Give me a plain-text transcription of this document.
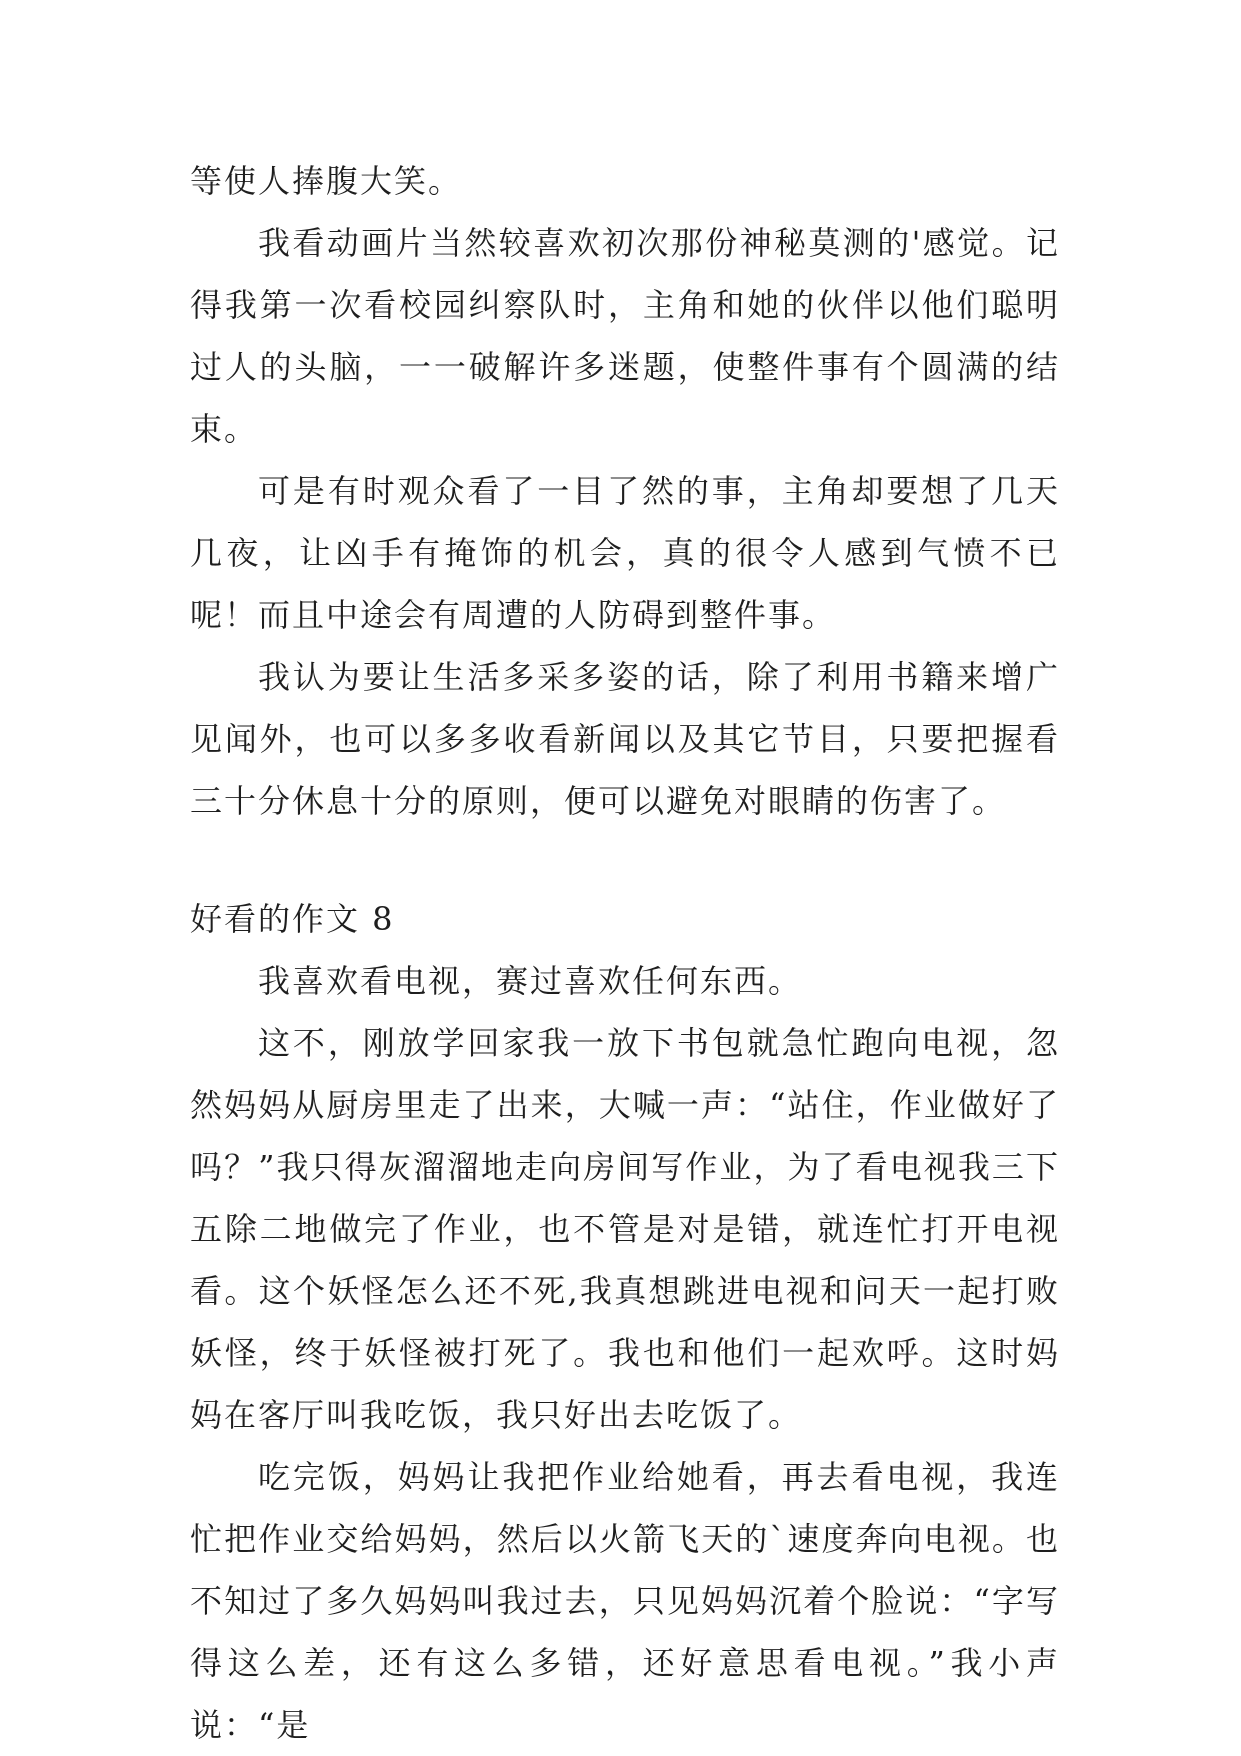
等使人捧腹大笑。

我看动画片当然较喜欢初次那份神秘莫测的'感觉。记得我第一次看校园纠察队时，主角和她的伙伴以他们聪明过人的头脑，一一破解许多迷题，使整件事有个圆满的结束。

可是有时观众看了一目了然的事，主角却要想了几天几夜，让凶手有掩饰的机会，真的很令人感到气愤不已呢！而且中途会有周遭的人防碍到整件事。

我认为要让生活多采多姿的话，除了利用书籍来增广见闻外，也可以多多收看新闻以及其它节目，只要把握看三十分休息十分的原则，便可以避免对眼睛的伤害了。

好看的作文 8

我喜欢看电视，赛过喜欢任何东西。

这不，刚放学回家我一放下书包就急忙跑向电视，忽然妈妈从厨房里走了出来，大喊一声：“站住，作业做好了吗？”我只得灰溜溜地走向房间写作业，为了看电视我三下五除二地做完了作业，也不管是对是错，就连忙打开电视看。这个妖怪怎么还不死,我真想跳进电视和问天一起打败妖怪，终于妖怪被打死了。我也和他们一起欢呼。这时妈妈在客厅叫我吃饭，我只好出去吃饭了。

吃完饭，妈妈让我把作业给她看，再去看电视，我连忙把作业交给妈妈，然后以火箭飞天的`速度奔向电视。也不知过了多久妈妈叫我过去，只见妈妈沉着个脸说：“字写得这么差，还有这么多错，还好意思看电视。”我小声说：“是
